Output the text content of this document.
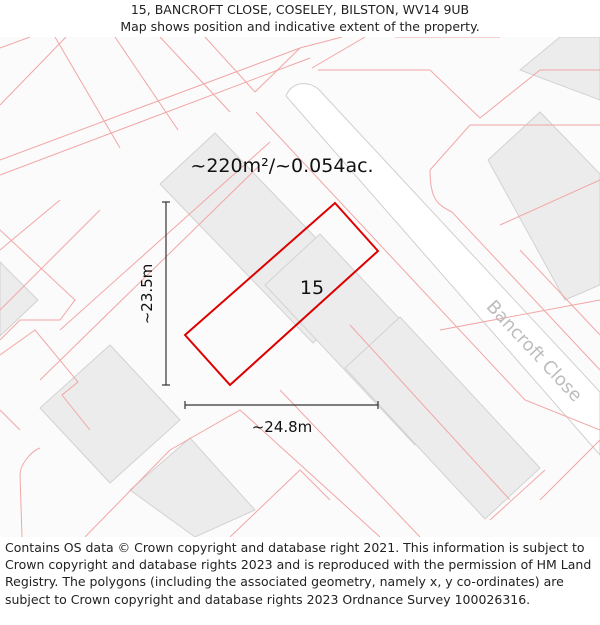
15, BANCROFT CLOSE, COSELEY, BILSTON, WV14 9UB
Map shows position and indicative extent of the property.
Bancroft Close
15
~220m²/~0.054ac.
~23.5m
~24.8m
Contains OS data © Crown copyright and database right 2021. This information is subject to Crown copyright and database rights 2023 and is reproduced with the permission of HM Land Registry. The polygons (including the associated geometry, namely x, y co-ordinates) are subject to Crown copyright and database rights 2023 Ordnance Survey 100026316.
